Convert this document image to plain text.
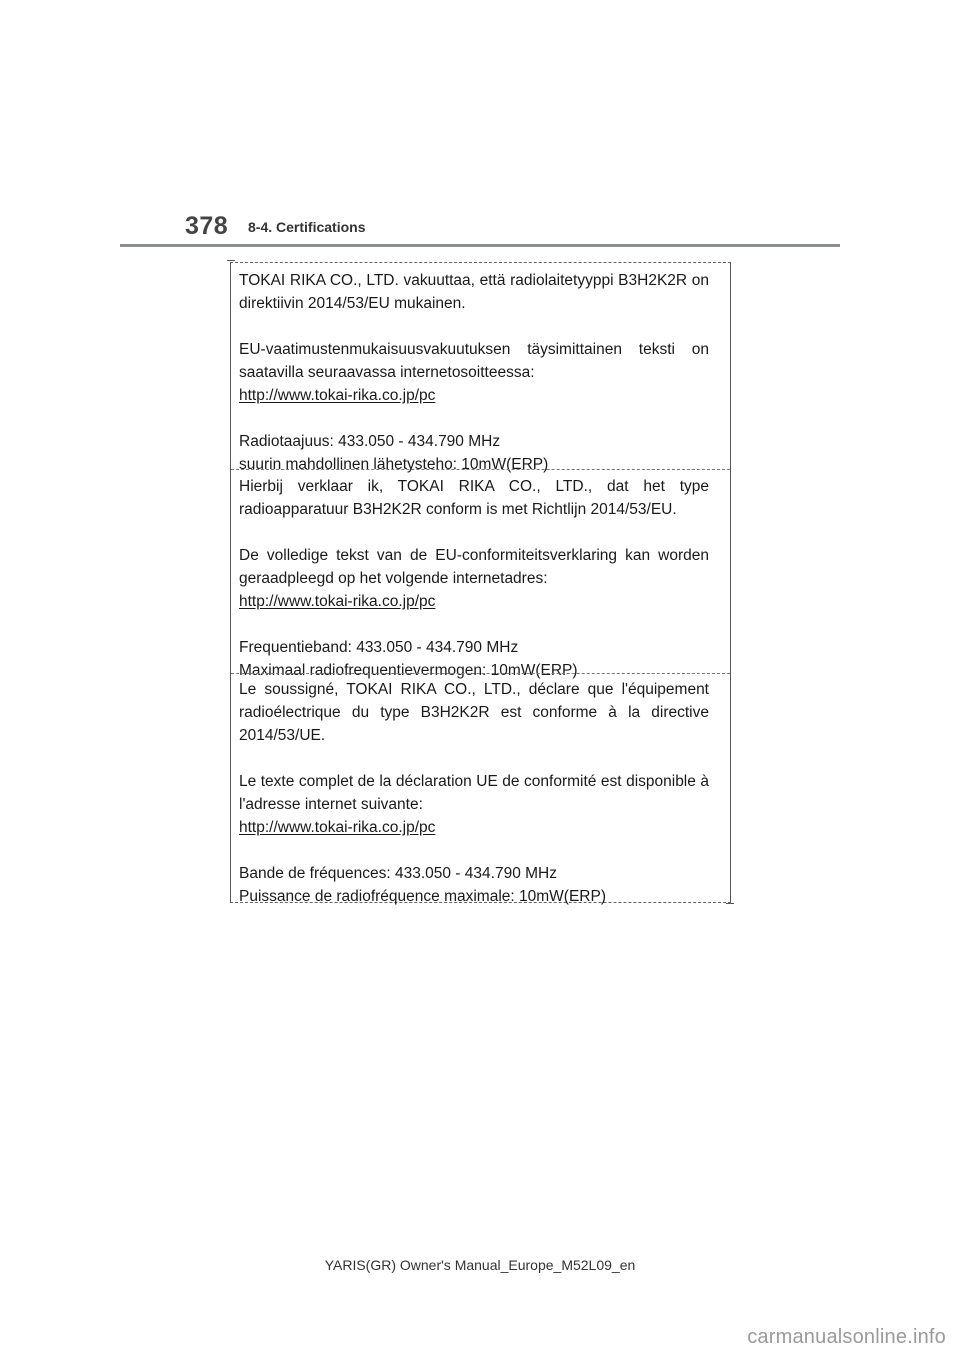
378 8-4. Certifications

TOKAI RIKA CO., LTD. vakuuttaa, että radiolaitetyyppi B3H2K2R on

direktiivin 2014/53/EU mukainen.

EU-vaatimustenmukaisuusvakuutuksen täysimittainen teksti on

saatavilla seuraavassa internetosoitteessa:

http://www.tokai-rika.co.jp/pc

Radiotaajuus: 433.050 - 434.790 MHz

suurin mahdollinen lähetysteho: 10mW(ERP)

Hierbij verklaar ik, TOKAI RIKA CO., LTD., dat het type

radioapparatuur B3H2K2R conform is met Richtlijn 2014/53/EU.

De volledige tekst van de EU-conformiteitsverklaring kan worden

geraadpleegd op het volgende internetadres:

http://www.tokai-rika.co.jp/pc

Frequentieband: 433.050 - 434.790 MHz

Maximaal radiofrequentievermogen: 10mW(ERP)

Le soussigné, TOKAI RIKA CO., LTD., déclare que l'équipement

radioélectrique du type B3H2K2R est conforme à la directive

2014/53/UE.

Le texte complet de la déclaration UE de conformité est disponible à

l'adresse internet suivante:

http://www.tokai-rika.co.jp/pc

Bande de fréquences: 433.050 - 434.790 MHz

Puissance de radiofréquence maximale: 10mW(ERP)

YARIS(GR) Owner's Manual_Europe_M52L09_en
carmanualsonline.info
